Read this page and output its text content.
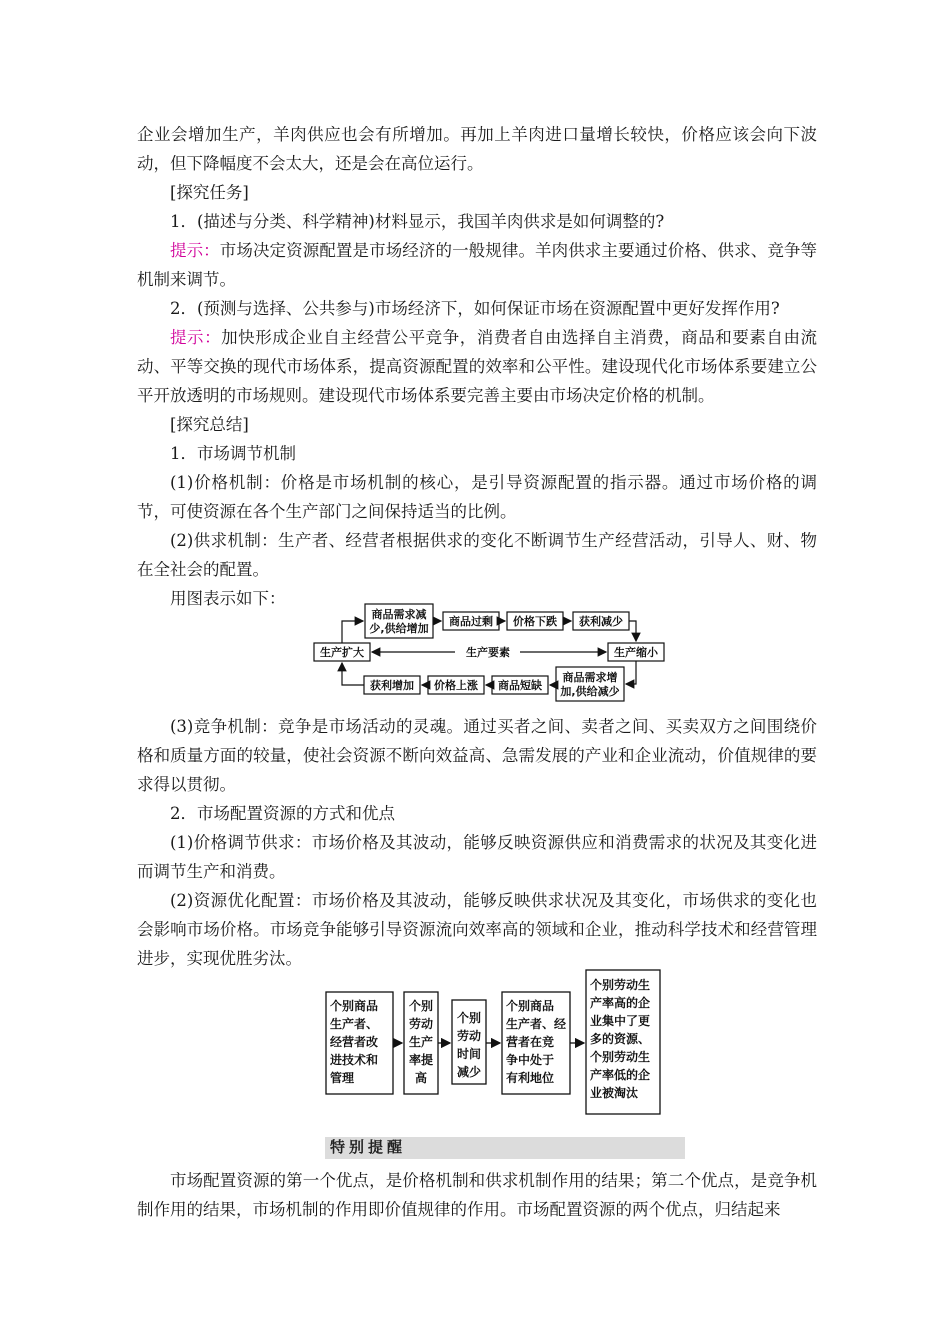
企业会增加生产，羊肉供应也会有所增加。再加上羊肉进口量增长较快，价格应该会向下波动，但下降幅度不会太大，还是会在高位运行。

[探究任务]

1．(描述与分类、科学精神)材料显示，我国羊肉供求是如何调整的?

提示：市场决定资源配置是市场经济的一般规律。羊肉供求主要通过价格、供求、竞争等机制来调节。

2．(预测与选择、公共参与)市场经济下，如何保证市场在资源配置中更好发挥作用?

提示：加快形成企业自主经营公平竞争，消费者自由选择自主消费，商品和要素自由流动、平等交换的现代市场体系，提高资源配置的效率和公平性。建设现代化市场体系要建立公平开放透明的市场规则。建设现代市场体系要完善主要由市场决定价格的机制。

[探究总结]

1．市场调节机制

(1)价格机制：价格是市场机制的核心，是引导资源配置的指示器。通过市场价格的调节，可使资源在各个生产部门之间保持适当的比例。

(2)供求机制：生产者、经营者根据供求的变化不断调节生产经营活动，引导人、财、物在全社会的配置。

用图表示如下：

商品需求减
少,供给增加
商品过剩 价格下跌 获利减少
生产扩大	生产要素	生产缩小
商品需求增
加,供给减少
商品短缺
价格上涨
获利增加

(3)竞争机制：竞争是市场活动的灵魂。通过买者之间、卖者之间、买卖双方之间围绕价格和质量方面的较量，使社会资源不断向效益高、急需发展的产业和企业流动，价值规律的要求得以贯彻。

2．市场配置资源的方式和优点

(1)价格调节供求：市场价格及其波动，能够反映资源供应和消费需求的状况及其变化进而调节生产和消费。

(2)资源优化配置：市场价格及其波动，能够反映供求状况及其变化，市场供求的变化也会影响市场价格。市场竞争能够引导资源流向效率高的领域和企业，推动科学技术和经营管理进步，实现优胜劣汰。

个别商品
生产者、
经营者改
进技术和
管理
个别
劳动
生产
率提
高
个别
劳动
时间
减少
个别商品
生产者、经
营者在竞
争中处于
有利地位
个别劳动生
产率高的企
业集中了更
多的资源、
个别劳动生
产率低的企
业被淘汰
特别提醒

市场配置资源的第一个优点，是价格机制和供求机制作用的结果；第二个优点，是竞争机制作用的结果，市场机制的作用即价值规律的作用。市场配置资源的两个优点，归结起来
